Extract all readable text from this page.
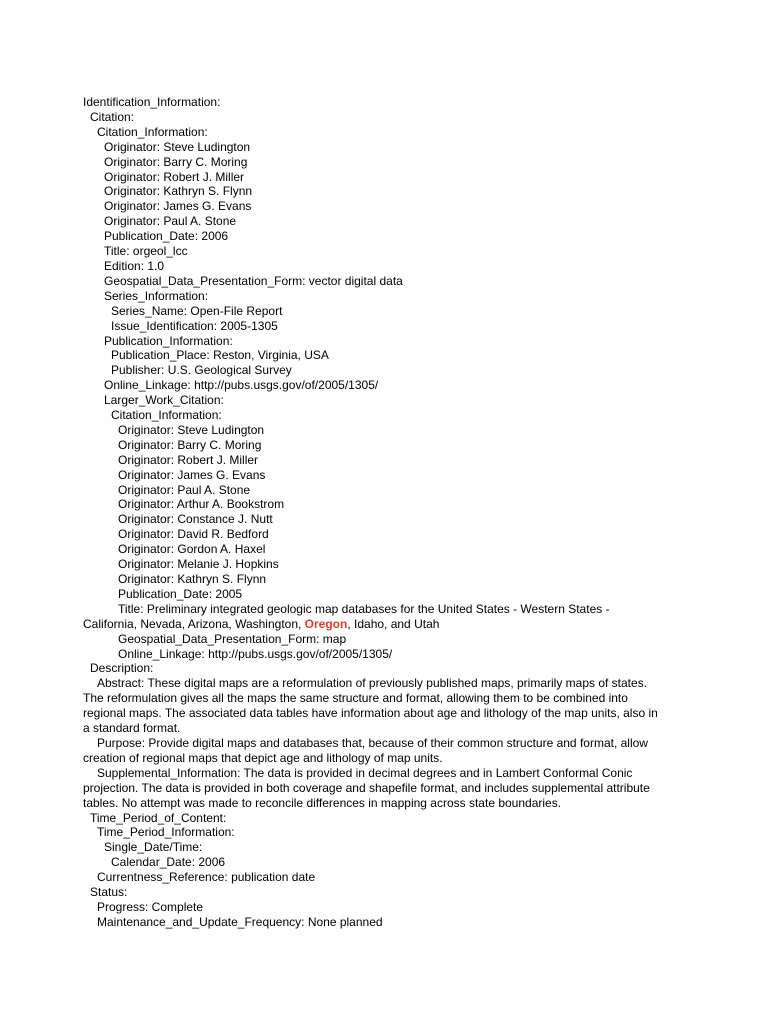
Identification_Information:
Citation:
Citation_Information:
Originator: Steve Ludington
Originator: Barry C. Moring
Originator: Robert J. Miller
Originator: Kathryn S. Flynn
Originator: James G. Evans
Originator: Paul A. Stone
Publication_Date: 2006
Title: orgeol_lcc
Edition: 1.0
Geospatial_Data_Presentation_Form: vector digital data
Series_Information:
Series_Name: Open-File Report
Issue_Identification: 2005-1305
Publication_Information:
Publication_Place: Reston, Virginia, USA
Publisher: U.S. Geological Survey
Online_Linkage: http://pubs.usgs.gov/of/2005/1305/
Larger_Work_Citation:
Citation_Information:
Originator: Steve Ludington
Originator: Barry C. Moring
Originator: Robert J. Miller
Originator: James G. Evans
Originator: Paul A. Stone
Originator: Arthur A. Bookstrom
Originator: Constance J. Nutt
Originator: David R. Bedford
Originator: Gordon A. Haxel
Originator: Melanie J. Hopkins
Originator: Kathryn S. Flynn
Publication_Date: 2005
Title: Preliminary integrated geologic map databases for the United States - Western States -
California, Nevada, Arizona, Washington, Oregon, Idaho, and Utah
Geospatial_Data_Presentation_Form: map
Online_Linkage: http://pubs.usgs.gov/of/2005/1305/
Description:
Abstract: These digital maps are a reformulation of previously published maps, primarily maps of states.
The reformulation gives all the maps the same structure and format, allowing them to be combined into
regional maps. The associated data tables have information about age and lithology of the map units, also in
a standard format.
Purpose: Provide digital maps and databases that, because of their common structure and format, allow
creation of regional maps that depict age and lithology of map units.
Supplemental_Information: The data is provided in decimal degrees and in Lambert Conformal Conic
projection. The data is provided in both coverage and shapefile format, and includes supplemental attribute
tables. No attempt was made to reconcile differences in mapping across state boundaries.
Time_Period_of_Content:
Time_Period_Information:
Single_Date/Time:
Calendar_Date: 2006
Currentness_Reference: publication date
Status:
Progress: Complete
Maintenance_and_Update_Frequency: None planned
